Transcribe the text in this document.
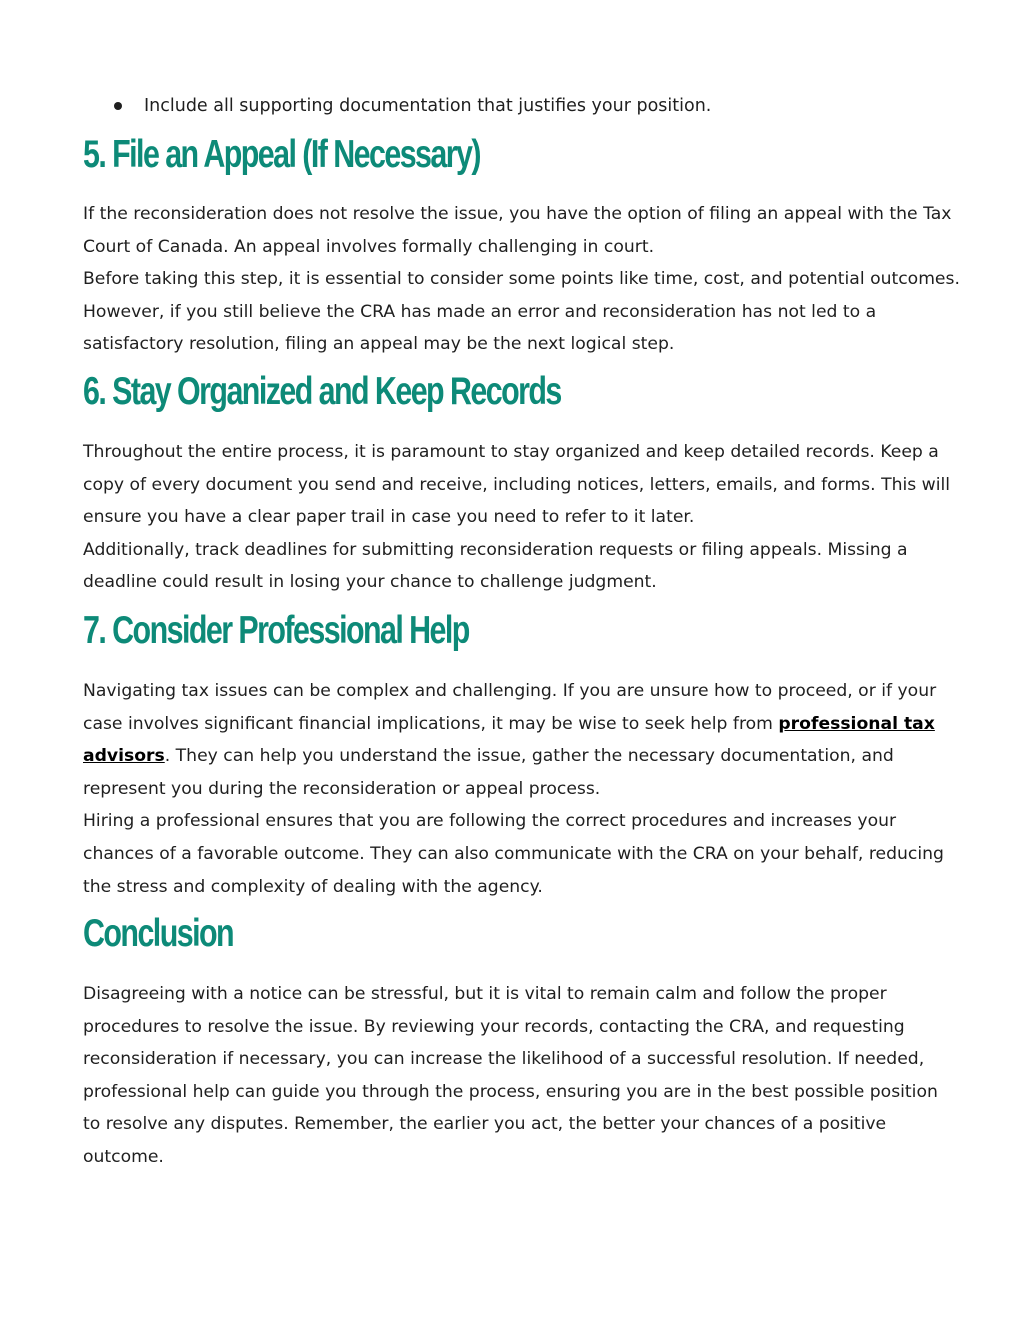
Include all supporting documentation that justifies your position.
5. File an Appeal (If Necessary)

If the reconsideration does not resolve the issue, you have the option of filing an appeal with the Tax
Court of Canada. An appeal involves formally challenging in court.
Before taking this step, it is essential to consider some points like time, cost, and potential outcomes.
However, if you still believe the CRA has made an error and reconsideration has not led to a
satisfactory resolution, filing an appeal may be the next logical step.

6. Stay Organized and Keep Records

Throughout the entire process, it is paramount to stay organized and keep detailed records. Keep a
copy of every document you send and receive, including notices, letters, emails, and forms. This will
ensure you have a clear paper trail in case you need to refer to it later.
Additionally, track deadlines for submitting reconsideration requests or filing appeals. Missing a
deadline could result in losing your chance to challenge judgment.

7. Consider Professional Help

Navigating tax issues can be complex and challenging. If you are unsure how to proceed, or if your
case involves significant financial implications, it may be wise to seek help from professional tax
advisors. They can help you understand the issue, gather the necessary documentation, and
represent you during the reconsideration or appeal process.
Hiring a professional ensures that you are following the correct procedures and increases your
chances of a favorable outcome. They can also communicate with the CRA on your behalf, reducing
the stress and complexity of dealing with the agency.

Conclusion

Disagreeing with a notice can be stressful, but it is vital to remain calm and follow the proper
procedures to resolve the issue. By reviewing your records, contacting the CRA, and requesting
reconsideration if necessary, you can increase the likelihood of a successful resolution. If needed,
professional help can guide you through the process, ensuring you are in the best possible position
to resolve any disputes. Remember, the earlier you act, the better your chances of a positive
outcome.
